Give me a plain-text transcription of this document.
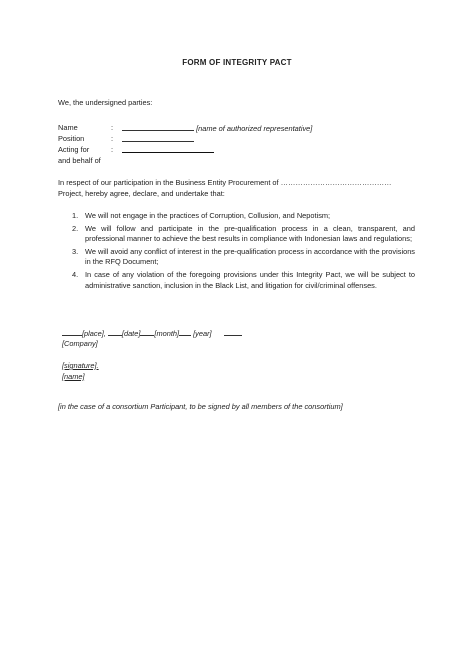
FORM OF INTEGRITY PACT
We, the undersigned parties:
Name	:	[name of authorized representative]
Position	:
Acting for	:
and behalf of
In respect of our participation in the Business Entity Procurement of ………………………………………
Project, hereby agree, declare, and undertake that:
1. We will not engage in the practices of Corruption, Collusion, and Nepotism;
2. We will follow and participate in the pre-qualification process in a clean, transparent, and professional manner to achieve the best results in compliance with Indonesian laws and regulations;
3. We will avoid any conflict of interest in the pre-qualification process in accordance with the provisions in the RFQ Document;
4. In case of any violation of the foregoing provisions under this Integrity Pact, we will be subject to administrative sanction, inclusion in the Black List, and litigation for civil/criminal offenses.
[place], [date] [month] [year]
[Company]
[signature].
[name]
[in the case of a consortium Participant, to be signed by all members of the consortium]
